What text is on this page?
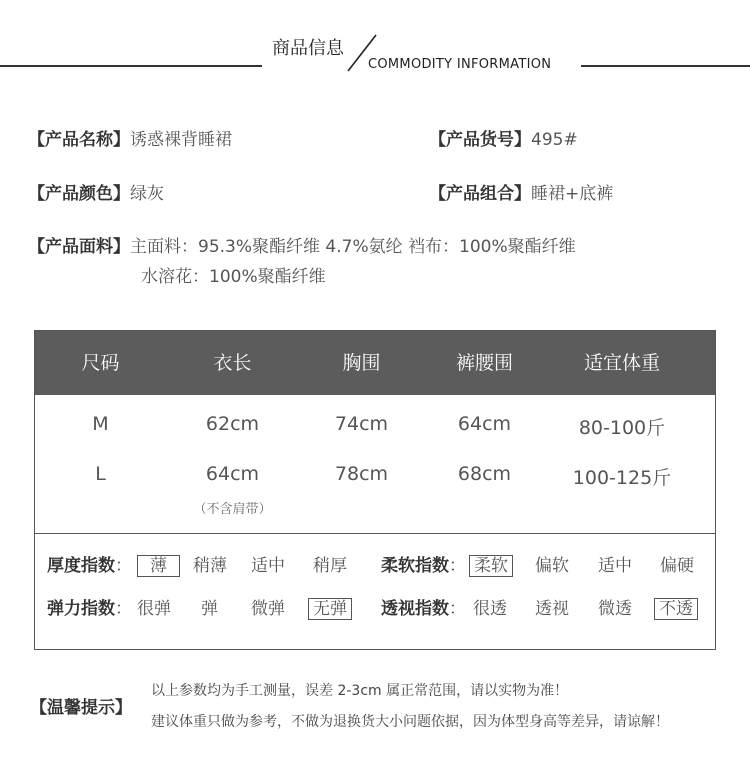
商品信息
COMMODITY INFORMATION
【产品名称】诱惑裸背睡裙	【产品货号】495#
【产品颜色】绿灰	【产品组合】睡裙+底裤
【产品面料】主面料：95.3%聚酯纤维 4.7%氨纶 裆布：100%聚酯纤维
水溶花：100%聚酯纤维
尺码	衣长	胸围	裤腰围	适宜体重
M	62cm	74cm	64cm	80-100斤
L	64cm	78cm	68cm	100-125斤
（不含肩带）
厚度指数：	薄	稍薄 适中 稍厚 柔软指数： 柔软 偏软 适中 偏硬
弹力指数： 很弹 弹 微弹 无弹 透视指数： 很透 透视 微透 不透
【温馨提示】
以上参数均为手工测量，误差 2-3cm 属正常范围，请以实物为准！
建议体重只做为参考，不做为退换货大小问题依据，因为体型身高等差异，请谅解！
